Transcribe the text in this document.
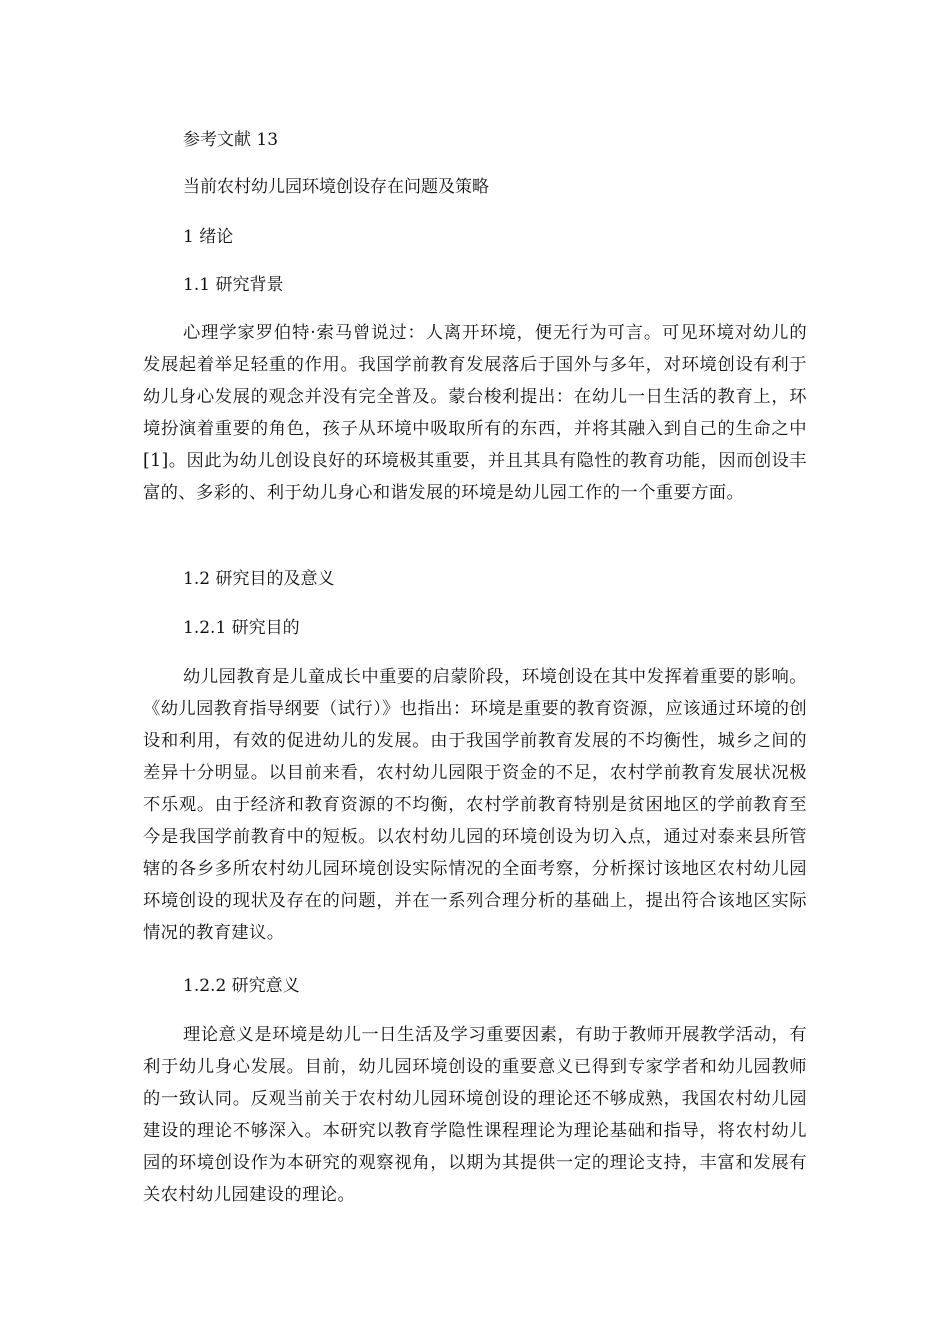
参考文献 13
当前农村幼儿园环境创设存在问题及策略
1 绪论
1.1 研究背景
心理学家罗伯特·索马曾说过：人离开环境，便无行为可言。可见环境对幼儿的发展起着举足轻重的作用。我国学前教育发展落后于国外与多年，对环境创设有利于幼儿身心发展的观念并没有完全普及。蒙台梭利提出：在幼儿一日生活的教育上，环境扮演着重要的角色，孩子从环境中吸取所有的东西，并将其融入到自己的生命之中[1]。因此为幼儿创设良好的环境极其重要，并且其具有隐性的教育功能，因而创设丰富的、多彩的、利于幼儿身心和谐发展的环境是幼儿园工作的一个重要方面。
1.2 研究目的及意义
1.2.1 研究目的
幼儿园教育是儿童成长中重要的启蒙阶段，环境创设在其中发挥着重要的影响。《幼儿园教育指导纲要（试行）》也指出：环境是重要的教育资源，应该通过环境的创设和利用，有效的促进幼儿的发展。由于我国学前教育发展的不均衡性，城乡之间的差异十分明显。以目前来看，农村幼儿园限于资金的不足，农村学前教育发展状况极不乐观。由于经济和教育资源的不均衡，农村学前教育特别是贫困地区的学前教育至今是我国学前教育中的短板。以农村幼儿园的环境创设为切入点，通过对泰来县所管辖的各乡多所农村幼儿园环境创设实际情况的全面考察，分析探讨该地区农村幼儿园环境创设的现状及存在的问题，并在一系列合理分析的基础上，提出符合该地区实际情况的教育建议。
1.2.2 研究意义
理论意义是环境是幼儿一日生活及学习重要因素，有助于教师开展教学活动，有利于幼儿身心发展。目前，幼儿园环境创设的重要意义已得到专家学者和幼儿园教师的一致认同。反观当前关于农村幼儿园环境创设的理论还不够成熟，我国农村幼儿园建设的理论不够深入。本研究以教育学隐性课程理论为理论基础和指导，将农村幼儿园的环境创设作为本研究的观察视角，以期为其提供一定的理论支持，丰富和发展有关农村幼儿园建设的理论。
